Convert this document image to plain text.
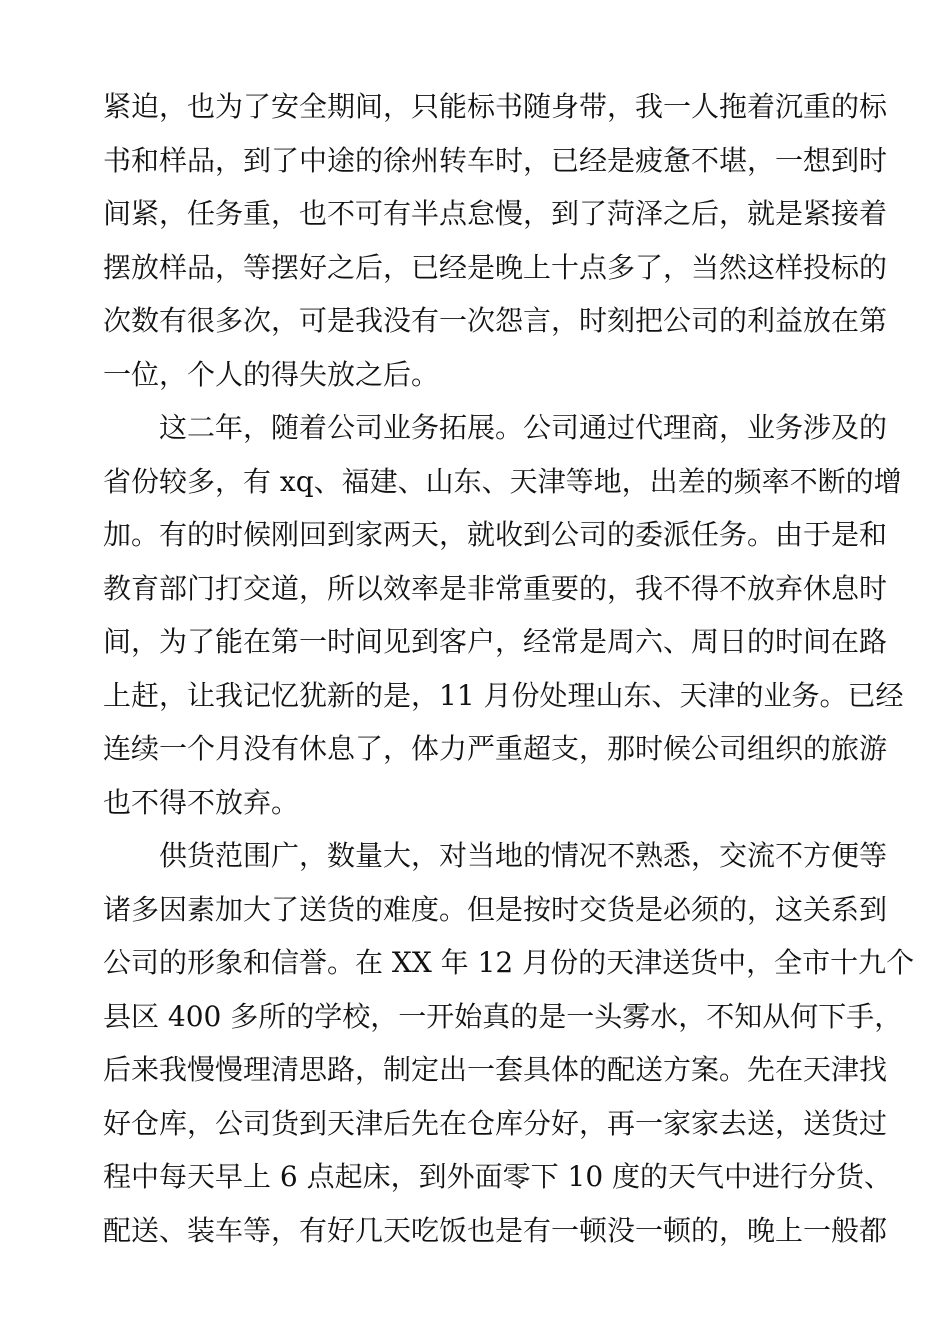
紧迫，也为了安全期间，只能标书随身带，我一人拖着沉重的标
书和样品，到了中途的徐州转车时，已经是疲惫不堪，一想到时
间紧，任务重，也不可有半点怠慢，到了菏泽之后，就是紧接着
摆放样品，等摆好之后，已经是晚上十点多了，当然这样投标的
次数有很多次，可是我没有一次怨言，时刻把公司的利益放在第
一位，个人的得失放之后。
这二年，随着公司业务拓展。公司通过代理商，业务涉及的
省份较多，有 xq、福建、山东、天津等地，出差的频率不断的增
加。有的时候刚回到家两天，就收到公司的委派任务。由于是和
教育部门打交道，所以效率是非常重要的，我不得不放弃休息时
间，为了能在第一时间见到客户，经常是周六、周日的时间在路
上赶，让我记忆犹新的是，11 月份处理山东、天津的业务。已经
连续一个月没有休息了，体力严重超支，那时候公司组织的旅游
也不得不放弃。
供货范围广，数量大，对当地的情况不熟悉，交流不方便等
诸多因素加大了送货的难度。但是按时交货是必须的，这关系到
公司的形象和信誉。在 XX 年 12 月份的天津送货中，全市十九个
县区 400 多所的学校，一开始真的是一头雾水，不知从何下手，
后来我慢慢理清思路，制定出一套具体的配送方案。先在天津找
好仓库，公司货到天津后先在仓库分好，再一家家去送，送货过
程中每天早上 6 点起床，到外面零下 10 度的天气中进行分货、
配送、装车等，有好几天吃饭也是有一顿没一顿的，晚上一般都
